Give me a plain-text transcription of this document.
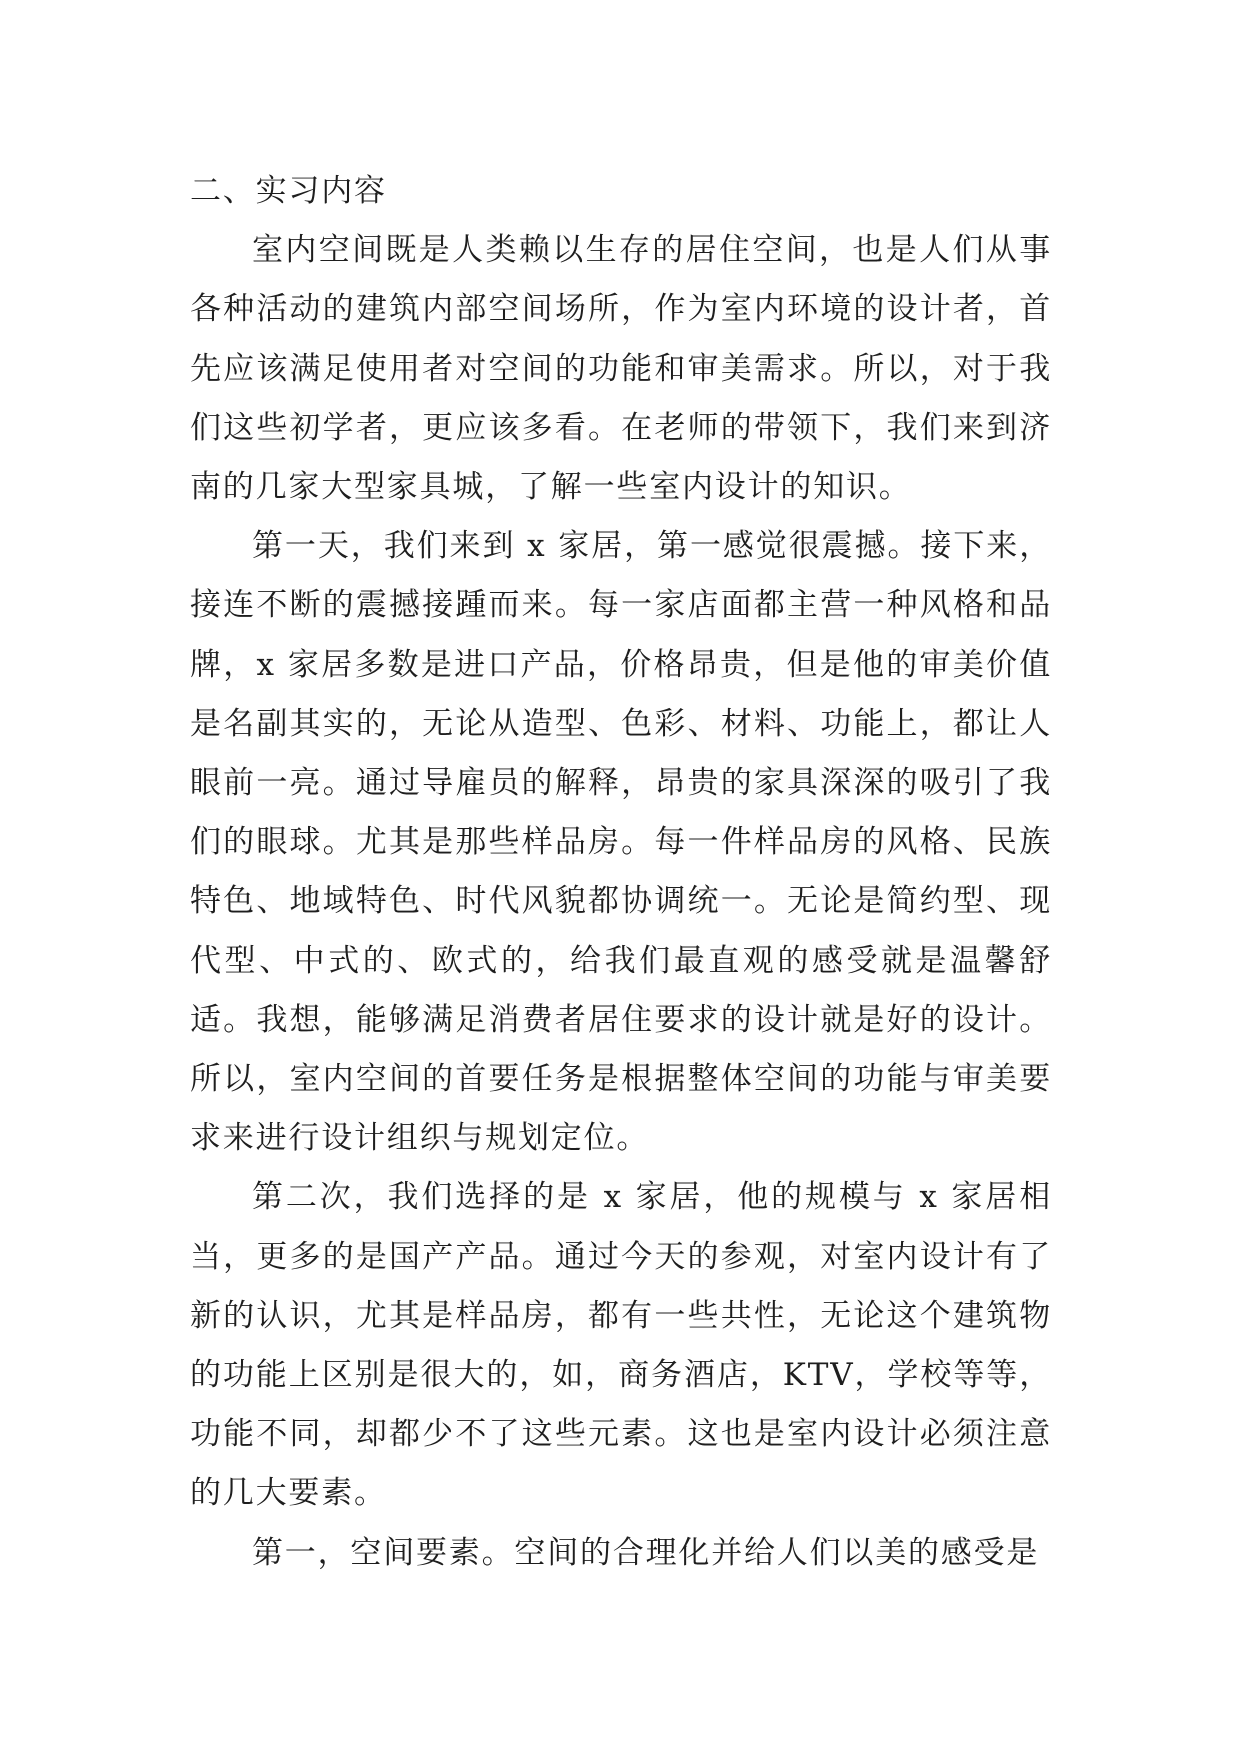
二、实习内容

室内空间既是人类赖以生存的居住空间，也是人们从事各种活动的建筑内部空间场所，作为室内环境的设计者，首先应该满足使用者对空间的功能和审美需求。所以，对于我们这些初学者，更应该多看。在老师的带领下，我们来到济南的几家大型家具城，了解一些室内设计的知识。

第一天，我们来到 x 家居，第一感觉很震撼。接下来，接连不断的震撼接踵而来。每一家店面都主营一种风格和品牌，x 家居多数是进口产品，价格昂贵，但是他的审美价值是名副其实的，无论从造型、色彩、材料、功能上，都让人眼前一亮。通过导雇员的解释，昂贵的家具深深的吸引了我们的眼球。尤其是那些样品房。每一件样品房的风格、民族特色、地域特色、时代风貌都协调统一。无论是简约型、现代型、中式的、欧式的，给我们最直观的感受就是温馨舒适。我想，能够满足消费者居住要求的设计就是好的设计。所以，室内空间的首要任务是根据整体空间的功能与审美要求来进行设计组织与规划定位。

第二次，我们选择的是 x 家居，他的规模与 x 家居相当，更多的是国产产品。通过今天的参观，对室内设计有了新的认识，尤其是样品房，都有一些共性，无论这个建筑物的功能上区别是很大的，如，商务酒店，KTV，学校等等，功能不同，却都少不了这些元素。这也是室内设计必须注意的几大要素。

第一，空间要素。空间的合理化并给人们以美的感受是
